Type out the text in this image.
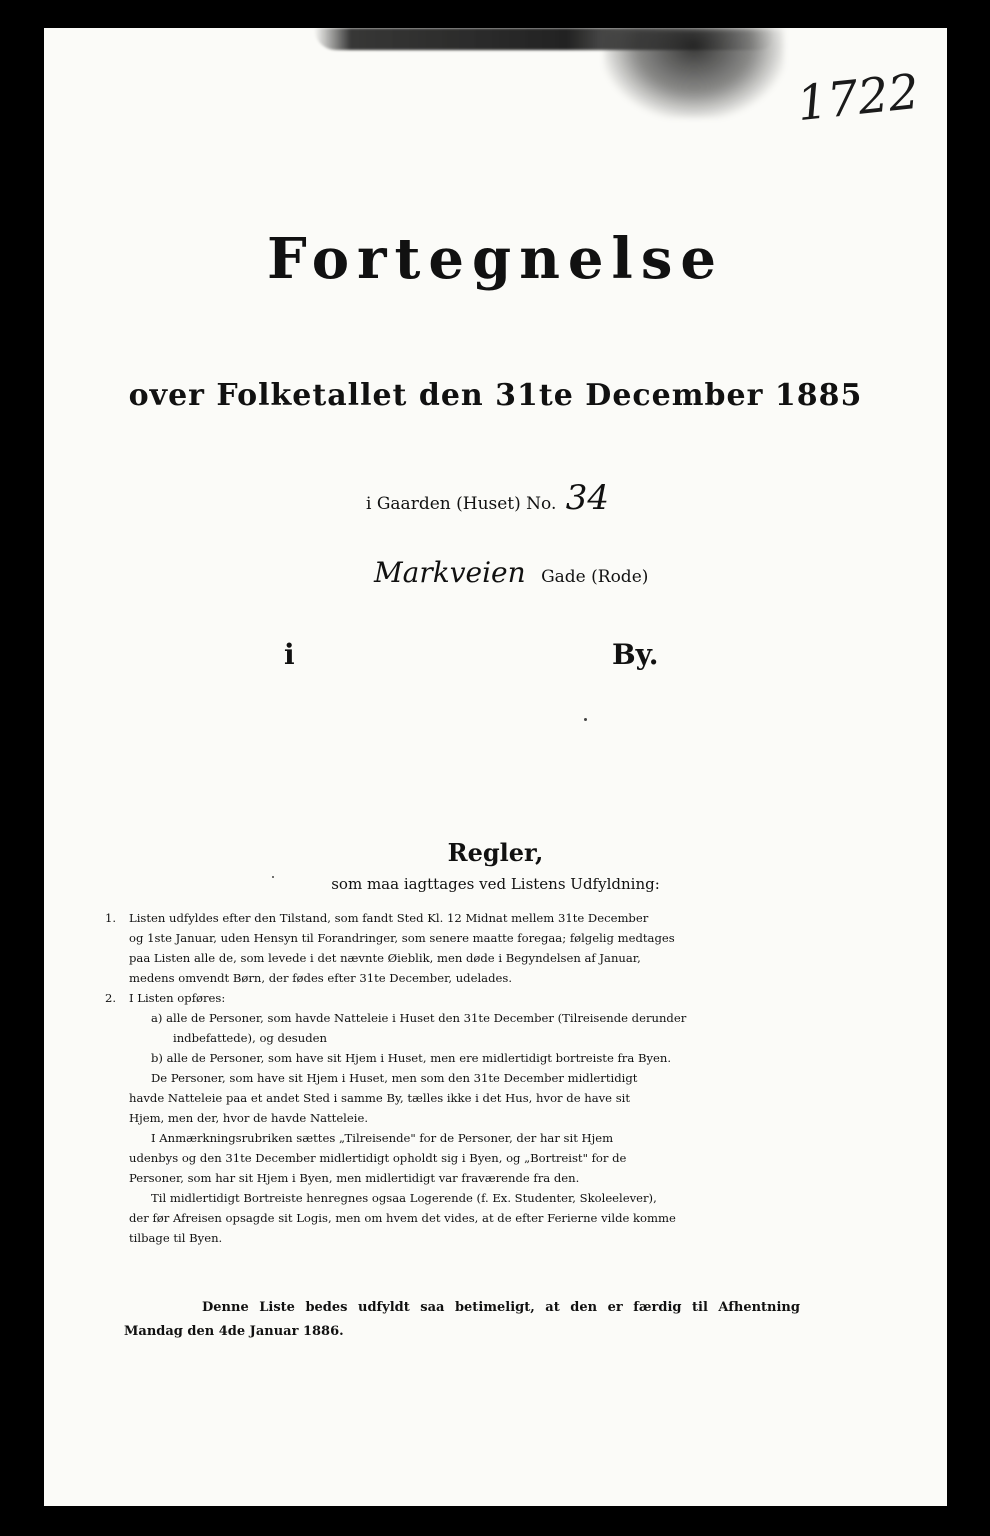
1722
Fortegnelse
over Folketallet den 31te December 1885
i Gaarden (Huset) No. 34
Markveien Gade (Rode)
i	By.
Regler,
som maa iagttages ved Listens Udfyldning:
1. Listen udfyldes efter den Tilstand, som fandt Sted Kl. 12 Midnat mellem 31te December
og 1ste Januar, uden Hensyn til Forandringer, som senere maatte foregaa; følgelig medtages
paa Listen alle de, som levede i det nævnte Øieblik, men døde i Begyndelsen af Januar,
medens omvendt Børn, der fødes efter 31te December, udelades.
2. I Listen opføres:
a) alle de Personer, som havde Natteleie i Huset den 31te December (Tilreisende derunder
indbefattede), og desuden
b) alle de Personer, som have sit Hjem i Huset, men ere midlertidigt bortreiste fra Byen.
De Personer, som have sit Hjem i Huset, men som den 31te December midlertidigt
havde Natteleie paa et andet Sted i samme By, tælles ikke i det Hus, hvor de have sit
Hjem, men der, hvor de havde Natteleie.
I Anmærkningsrubriken sættes „Tilreisende" for de Personer, der har sit Hjem
udenbys og den 31te December midlertidigt opholdt sig i Byen, og „Bortreist" for de
Personer, som har sit Hjem i Byen, men midlertidigt var fraværende fra den.
Til midlertidigt Bortreiste henregnes ogsaa Logerende (f. Ex. Studenter, Skoleelever),
der før Afreisen opsagde sit Logis, men om hvem det vides, at de efter Ferierne vilde komme
tilbage til Byen.
Denne Liste bedes udfyldt saa betimeligt, at den er færdig til Afhentning
Mandag den 4de Januar 1886.
